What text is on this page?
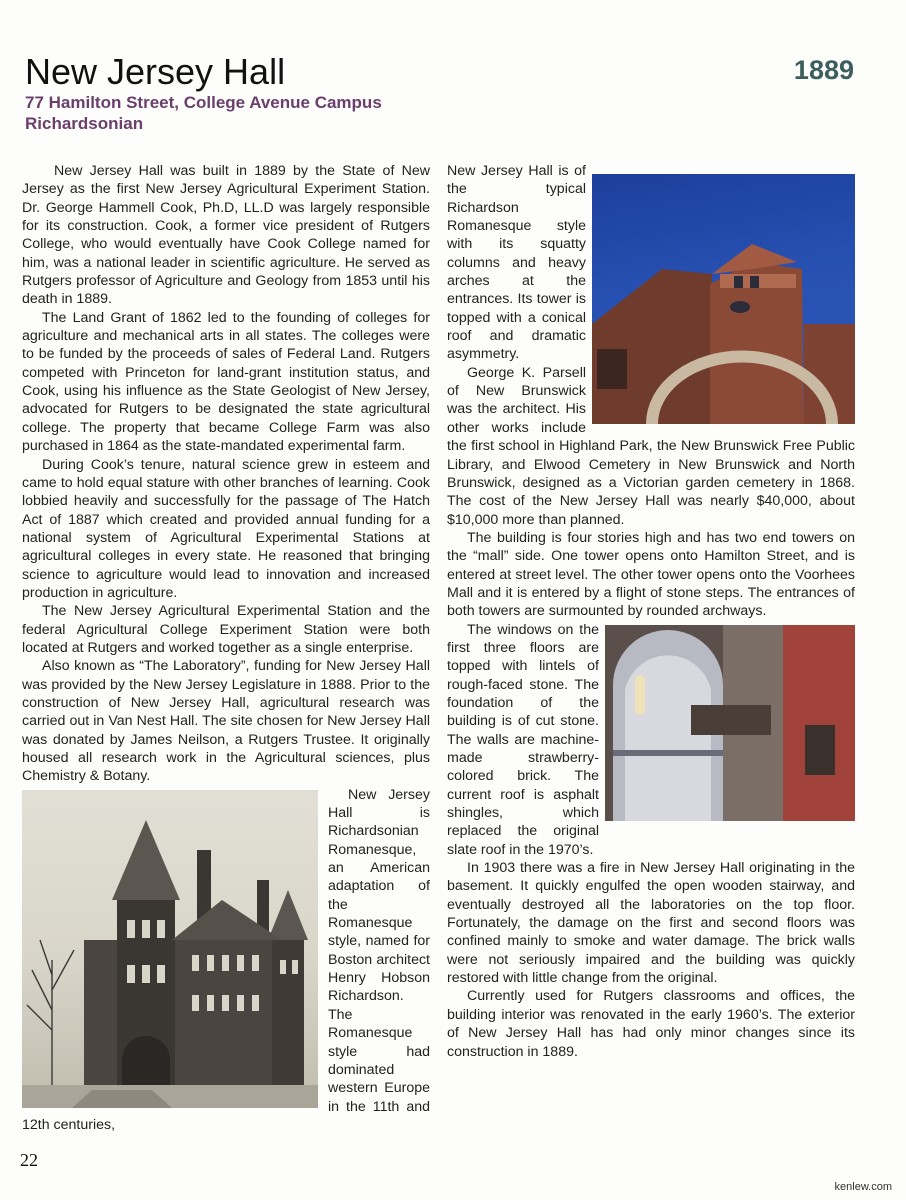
New Jersey Hall	1889
77 Hamilton Street, College Avenue Campus
Richardsonian

New Jersey Hall was built in 1889 by the State of New Jersey as the first New Jersey Agricultural Experiment Station. Dr. George Hammell Cook, Ph.D, LL.D was largely responsible for its construction. Cook, a former vice president of Rutgers College, who would eventually have Cook College named for him, was a national leader in scientific agriculture. He served as Rutgers professor of Agriculture and Geology from 1853 until his death in 1889.

The Land Grant of 1862 led to the founding of colleges for agriculture and mechanical arts in all states. The colleges were to be funded by the proceeds of sales of Federal Land. Rutgers competed with Princeton for land-grant institution status, and Cook, using his influence as the State Geologist of New Jersey, advocated for Rutgers to be designated the state agricultural college. The property that became College Farm was also purchased in 1864 as the state-mandated experimental farm.

During Cook’s tenure, natural science grew in esteem and came to hold equal stature with other branches of learning. Cook lobbied heavily and successfully for the passage of The Hatch Act of 1887 which created and provided annual funding for a national system of Agricultural Experimental Stations at agricultural colleges in every state. He reasoned that bringing science to agriculture would lead to innovation and increased production in agriculture.

The New Jersey Agricultural Experimental Station and the federal Agricultural College Experiment Station were both located at Rutgers and worked together as a single enterprise.

Also known as “The Laboratory”, funding for New Jersey Hall was provided by the New Jersey Legislature in 1888. Prior to the construction of New Jersey Hall, agricultural research was carried out in Van Nest Hall. The site chosen for New Jersey Hall was donated by James Neilson, a Rutgers Trustee. It originally housed all research work in the Agricultural sciences, plus Chemistry & Botany.

New Jersey Hall is Richardsonian Romanesque, an American adaptation of the Romanesque style, named for Boston architect Henry Hobson Richardson. The Romanesque style had dominated western Europe in the 11th and 12th centuries,

New Jersey Hall is of the typical Richardson Romanesque style with its squatty columns and heavy arches at the entrances. Its tower is topped with a conical roof and dramatic asymmetry.

George K. Parsell of New Brunswick was the architect. His other works include the first school in Highland Park, the New Brunswick Free Public Library, and Elwood Cemetery in New Brunswick and North Brunswick, designed as a Victorian garden cemetery in 1868. The cost of the New Jersey Hall was nearly $40,000, about $10,000 more than planned.

The building is four stories high and has two end towers on the “mall” side. One tower opens onto Hamilton Street, and is entered at street level. The other tower opens onto the Voorhees Mall and it is entered by a flight of stone steps. The entrances of both towers are surmounted by rounded archways.

The windows on the first three floors are topped with lintels of rough-faced stone. The foundation of the building is of cut stone. The walls are machine-made strawberry-colored brick. The current roof is asphalt shingles, which replaced the original slate roof in the 1970’s.

In 1903 there was a fire in New Jersey Hall originating in the basement. It quickly engulfed the open wooden stairway, and eventually destroyed all the laboratories on the top floor. Fortunately, the damage on the first and second floors was confined mainly to smoke and water damage. The brick walls were not seriously impaired and the building was quickly restored with little change from the original.

Currently used for Rutgers classrooms and offices, the building interior was renovated in the early 1960’s. The exterior of New Jersey Hall has had only minor changes since its construction in 1889.

22
kenlew.com
